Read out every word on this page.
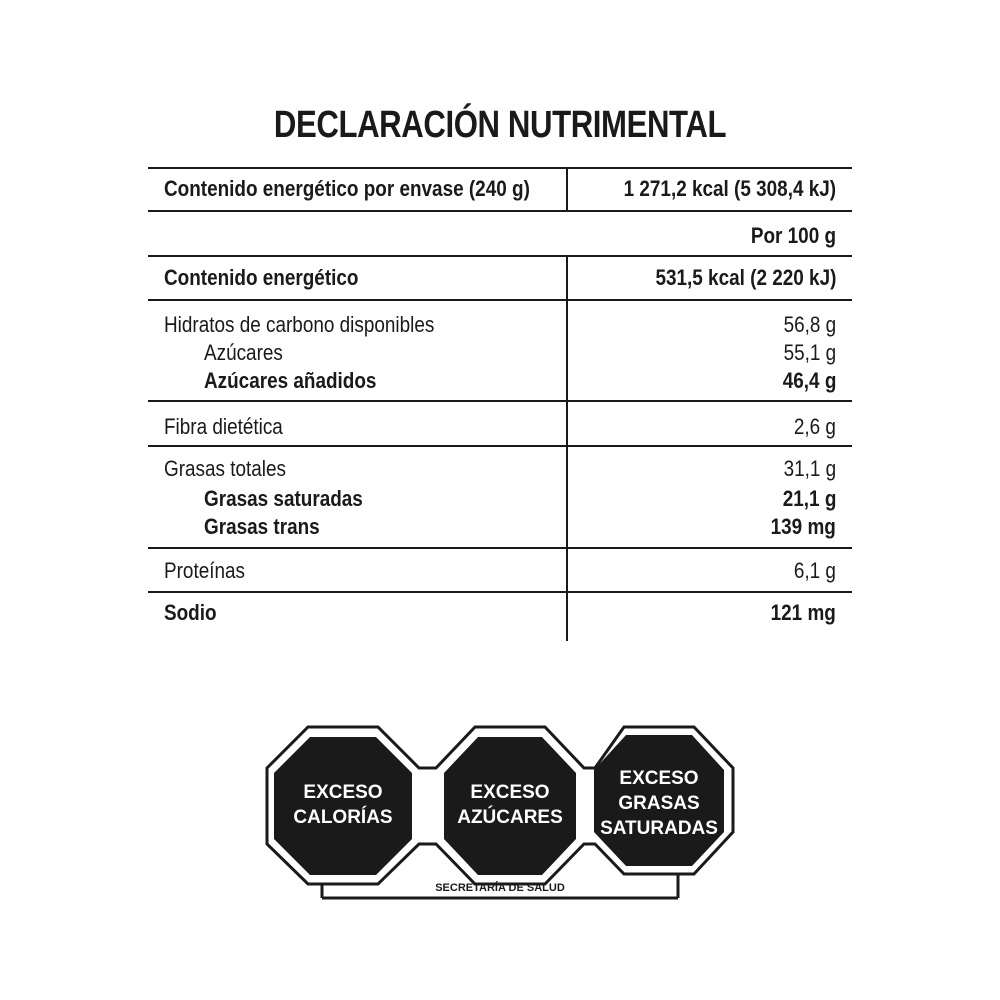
DECLARACIÓN NUTRIMENTAL
Contenido energético por envase (240 g)	1 271,2 kcal (5 308,4 kJ)
Por 100 g
Contenido energético	531,5 kcal (2 220 kJ)
Hidratos de carbono disponibles	56,8 g
Azúcares	55,1 g
Azúcares añadidos	46,4 g
Fibra dietética	2,6 g
Grasas totales	31,1 g
Grasas saturadas	21,1 g
Grasas trans	139 mg
Proteínas	6,1 g
Sodio	121 mg
EXCESO
CALORÍAS
EXCESO
AZÚCARES
EXCESO
GRASAS
SATURADAS
SECRETARÍA DE SALUD
